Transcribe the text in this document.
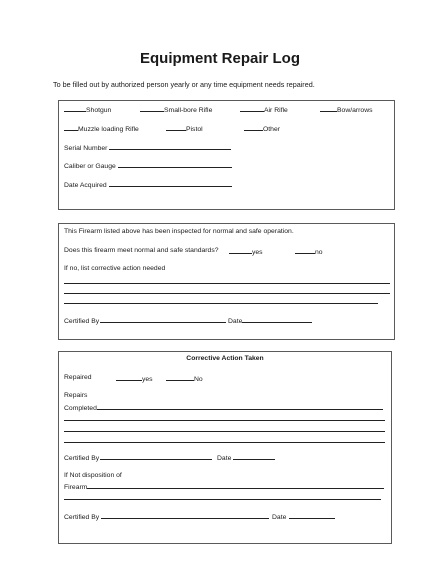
Equipment Repair Log
To be filled out by authorized person yearly or any time equipment needs repaired.
Shotgun	Small-bore Rifle	Air Rifle	Bow/arrows
Muzzle loading Rifle	Pistol	Other
Serial Number
Caliber or Gauge
Date Acquired
This Firearm listed above has been inspected for normal and safe operation.
Does this firearm meet normal and safe standards?	yes	no
If no, list corrective action needed
Certified By	Date
Corrective Action Taken
Repaired	yes	No
Repairs
Completed
Certified By	Date
If Not disposition of
Firearm
Certified By	Date
